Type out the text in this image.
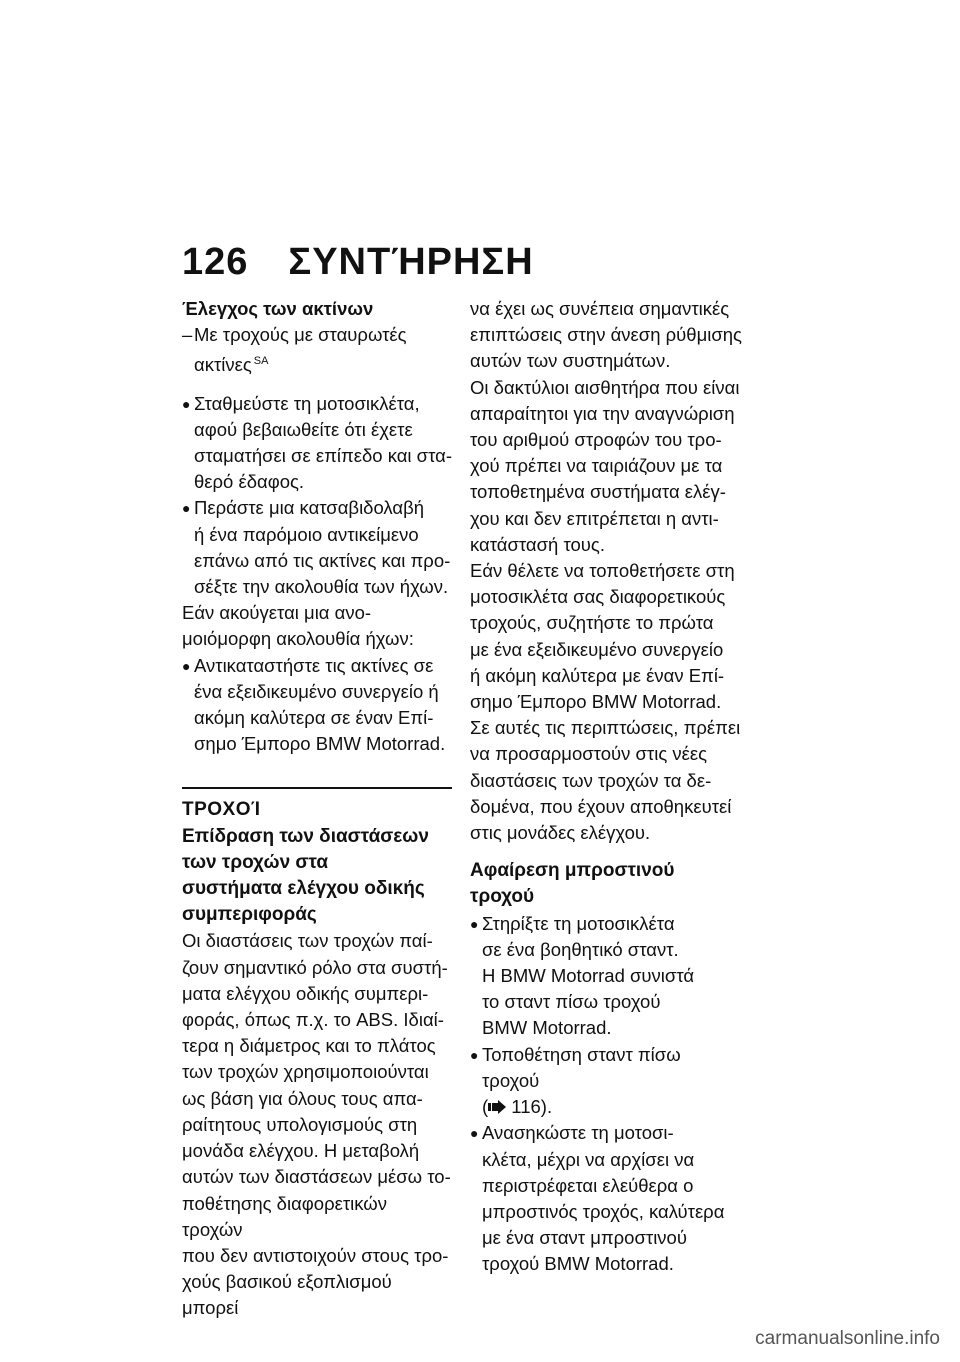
126 ΣΥΝΤΉΡΗΣΗ

Έλεγχος των ακτίνων

– Με τροχούς με σταυρωτές
ακτίνες $^{SA}$
● Σταθμεύστε τη μοτοσικλέτα,
αφού βεβαιωθείτε ότι έχετε
σταματήσει σε επίπεδο και στα-
θερό έδαφος.
● Περάστε μια κατσαβιδολαβή
ή ένα παρόμοιο αντικείμενο
επάνω από τις ακτίνες και προ-
σέξτε την ακολουθία των ήχων.

Εάν ακούγεται μια ανο-
μοιόμορφη ακολουθία ήχων:

● Αντικαταστήστε τις ακτίνες σε
ένα εξειδικευμένο συνεργείο ή
ακόμη καλύτερα σε έναν Επί-
σημο Έμπορο BMW Motorrad.

ΤΡΟΧΟΊ

Επίδραση των διαστάσεων
των τροχών στα
συστήματα ελέγχου οδικής
συμπεριφοράς

Οι διαστάσεις των τροχών παί-
ζουν σημαντικό ρόλο στα συστή-
ματα ελέγχου οδικής συμπερι-
φοράς, όπως π.χ. το ABS. Ιδιαί-
τερα η διάμετρος και το πλάτος
των τροχών χρησιμοποιούνται
ως βάση για όλους τους απα-
ραίτητους υπολογισμούς στη
μονάδα ελέγχου. Η μεταβολή
αυτών των διαστάσεων μέσω το-
ποθέτησης διαφορετικών τροχών
που δεν αντιστοιχούν στους τρο-
χούς βασικού εξοπλισμού μπορεί

να έχει ως συνέπεια σημαντικές
επιπτώσεις στην άνεση ρύθμισης
αυτών των συστημάτων.

Οι δακτύλιοι αισθητήρα που είναι
απαραίτητοι για την αναγνώριση
του αριθμού στροφών του τρο-
χού πρέπει να ταιριάζουν με τα
τοποθετημένα συστήματα ελέγ-
χου και δεν επιτρέπεται η αντι-
κατάστασή τους.

Εάν θέλετε να τοποθετήσετε στη
μοτοσικλέτα σας διαφορετικούς
τροχούς, συζητήστε το πρώτα
με ένα εξειδικευμένο συνεργείο
ή ακόμη καλύτερα με έναν Επί-
σημο Έμπορο BMW Motorrad.

Σε αυτές τις περιπτώσεις, πρέπει
να προσαρμοστούν στις νέες
διαστάσεις των τροχών τα δε-
δομένα, που έχουν αποθηκευτεί
στις μονάδες ελέγχου.

Αφαίρεση μπροστινού
τροχού

● Στηρίξτε τη μοτοσικλέτα
σε ένα βοηθητικό σταντ.
Η BMW Motorrad συνιστά
το σταντ πίσω τροχού
BMW Motorrad.
● Τοποθέτηση σταντ πίσω τροχού
( 116).
● Ανασηκώστε τη μοτοσι-
κλέτα, μέχρι να αρχίσει να
περιστρέφεται ελεύθερα ο
μπροστινός τροχός, καλύτερα
με ένα σταντ μπροστινού
τροχού BMW Motorrad.
carmanualsonline.info
